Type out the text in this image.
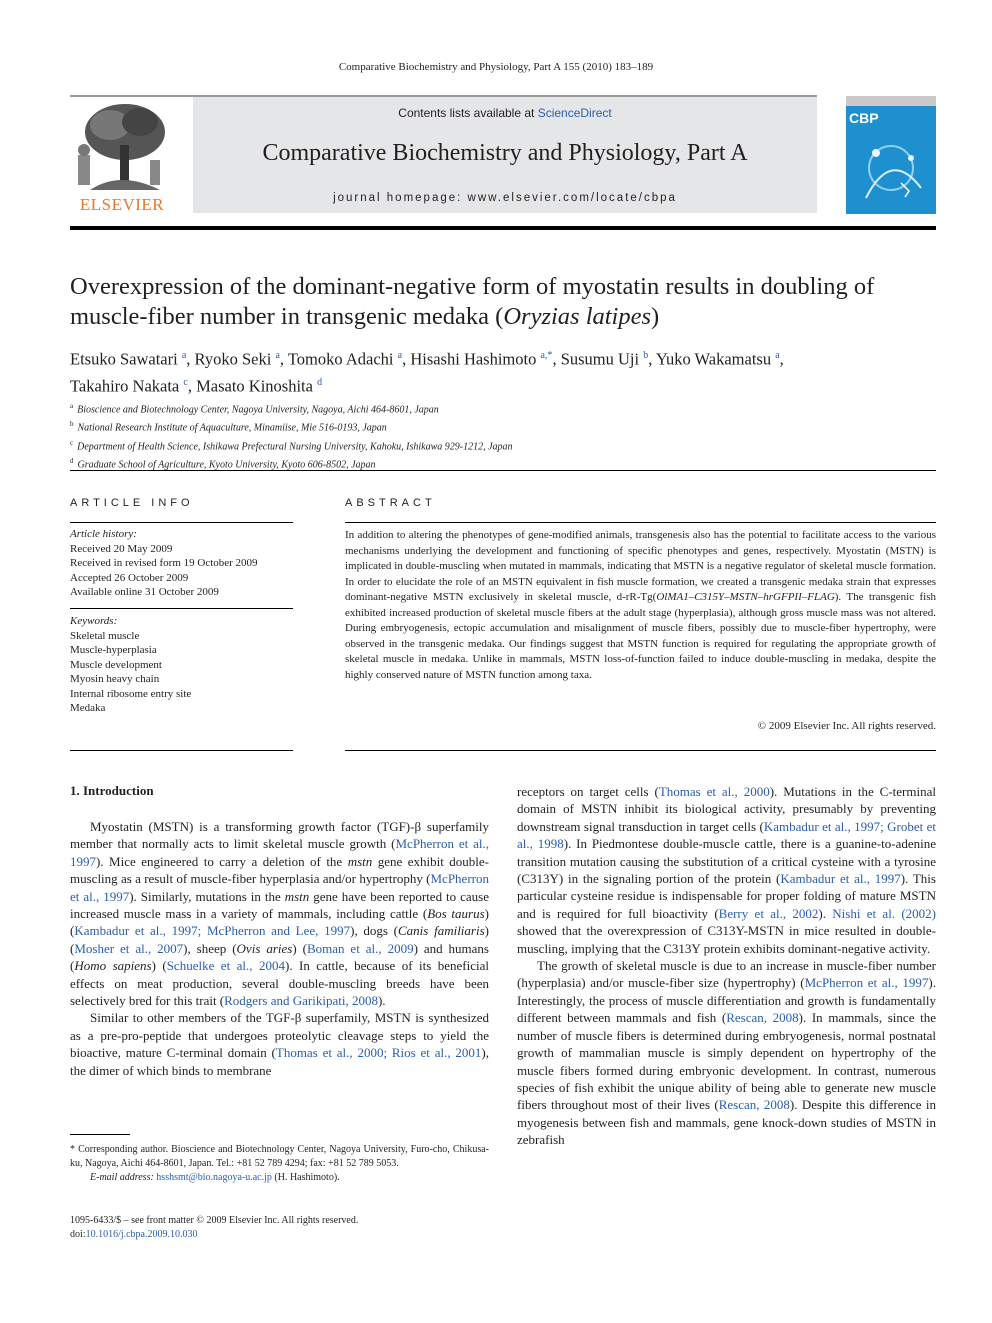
Comparative Biochemistry and Physiology, Part A 155 (2010) 183–189
Contents lists available at ScienceDirect
Comparative Biochemistry and Physiology, Part A
journal homepage: www.elsevier.com/locate/cbpa
ELSEVIER
CBP
Overexpression of the dominant-negative form of myostatin results in doubling of
muscle-fiber number in transgenic medaka (Oryzias latipes)
Etsuko Sawatari $^a$, Ryoko Seki $^a$, Tomoko Adachi $^a$, Hisashi Hashimoto $^{a,*}$, Susumu Uji $^b$, Yuko Wakamatsu $^a$,
Takahiro Nakata $^c$, Masato Kinoshita $^d$
$^a$ Bioscience and Biotechnology Center, Nagoya University, Nagoya, Aichi 464-8601, Japan
$^b$ National Research Institute of Aquaculture, Minamiise, Mie 516-0193, Japan
$^c$ Department of Health Science, Ishikawa Prefectural Nursing University, Kahoku, Ishikawa 929-1212, Japan
$^d$ Graduate School of Agriculture, Kyoto University, Kyoto 606-8502, Japan
ARTICLE INFO
Article history:
Received 20 May 2009
Received in revised form 19 October 2009
Accepted 26 October 2009
Available online 31 October 2009
Keywords:
Skeletal muscle
Muscle-hyperplasia
Muscle development
Myosin heavy chain
Internal ribosome entry site
Medaka
ABSTRACT
In addition to altering the phenotypes of gene-modified animals, transgenesis also has the potential to facilitate access to the various mechanisms underlying the development and functioning of specific phenotypes and genes, respectively. Myostatin (MSTN) is implicated in double-muscling when mutated in mammals, indicating that MSTN is a negative regulator of skeletal muscle formation. In order to elucidate the role of an MSTN equivalent in fish muscle formation, we created a transgenic medaka strain that expresses dominant-negative MSTN exclusively in skeletal muscle, d-rR-Tg(OlMA1–C315Y–MSTN–hrGFPII–FLAG). The transgenic fish exhibited increased production of skeletal muscle fibers at the adult stage (hyperplasia), although gross muscle mass was not altered. During embryogenesis, ectopic accumulation and misalignment of muscle fibers, possibly due to muscle-fiber hypertrophy, were observed in the transgenic medaka. Our findings suggest that MSTN function is required for regulating the appropriate growth of skeletal muscle in medaka. Unlike in mammals, MSTN loss-of-function failed to induce double-muscling in medaka, despite the highly conserved nature of MSTN function among taxa.
© 2009 Elsevier Inc. All rights reserved.
1. Introduction

Myostatin (MSTN) is a transforming growth factor (TGF)-β superfamily member that normally acts to limit skeletal muscle growth (McPherron et al., 1997). Mice engineered to carry a deletion of the mstn gene exhibit double-muscling as a result of muscle-fiber hyperplasia and/or hypertrophy (McPherron et al., 1997). Similarly, mutations in the mstn gene have been reported to cause increased muscle mass in a variety of mammals, including cattle (Bos taurus) (Kambadur et al., 1997; McPherron and Lee, 1997), dogs (Canis familiaris) (Mosher et al., 2007), sheep (Ovis aries) (Boman et al., 2009) and humans (Homo sapiens) (Schuelke et al., 2004). In cattle, because of its beneficial effects on meat production, several double-muscling breeds have been selectively bred for this trait (Rodgers and Garikipati, 2008).

Similar to other members of the TGF-β superfamily, MSTN is synthesized as a pre-pro-peptide that undergoes proteolytic cleavage steps to yield the bioactive, mature C-terminal domain (Thomas et al., 2000; Rios et al., 2001), the dimer of which binds to membrane

receptors on target cells (Thomas et al., 2000). Mutations in the C-terminal domain of MSTN inhibit its biological activity, presumably by preventing downstream signal transduction in target cells (Kambadur et al., 1997; Grobet et al., 1998). In Piedmontese double-muscle cattle, there is a guanine-to-adenine transition mutation causing the substitution of a critical cysteine with a tyrosine (C313Y) in the signaling portion of the protein (Kambadur et al., 1997). This particular cysteine residue is indispensable for proper folding of mature MSTN and is required for full bioactivity (Berry et al., 2002). Nishi et al. (2002) showed that the overexpression of C313Y-MSTN in mice resulted in double-muscling, implying that the C313Y protein exhibits dominant-negative activity.

The growth of skeletal muscle is due to an increase in muscle-fiber number (hyperplasia) and/or muscle-fiber size (hypertrophy) (McPherron et al., 1997). Interestingly, the process of muscle differentiation and growth is fundamentally different between mammals and fish (Rescan, 2008). In mammals, since the number of muscle fibers is determined during embryogenesis, normal postnatal growth of mammalian muscle is simply dependent on hypertrophy of the muscle fibers formed during embryonic development. In contrast, numerous species of fish exhibit the unique ability of being able to generate new muscle fibers throughout most of their lives (Rescan, 2008). Despite this difference in myogenesis between fish and mammals, gene knock-down studies of MSTN in zebrafish

* Corresponding author. Bioscience and Biotechnology Center, Nagoya University, Furo-cho, Chikusa-ku, Nagoya, Aichi 464-8601, Japan. Tel.: +81 52 789 4294; fax: +81 52 789 5053.
E-mail address: hsshsmt@bio.nagoya-u.ac.jp (H. Hashimoto).
1095-6433/$ – see front matter © 2009 Elsevier Inc. All rights reserved.
doi:10.1016/j.cbpa.2009.10.030
